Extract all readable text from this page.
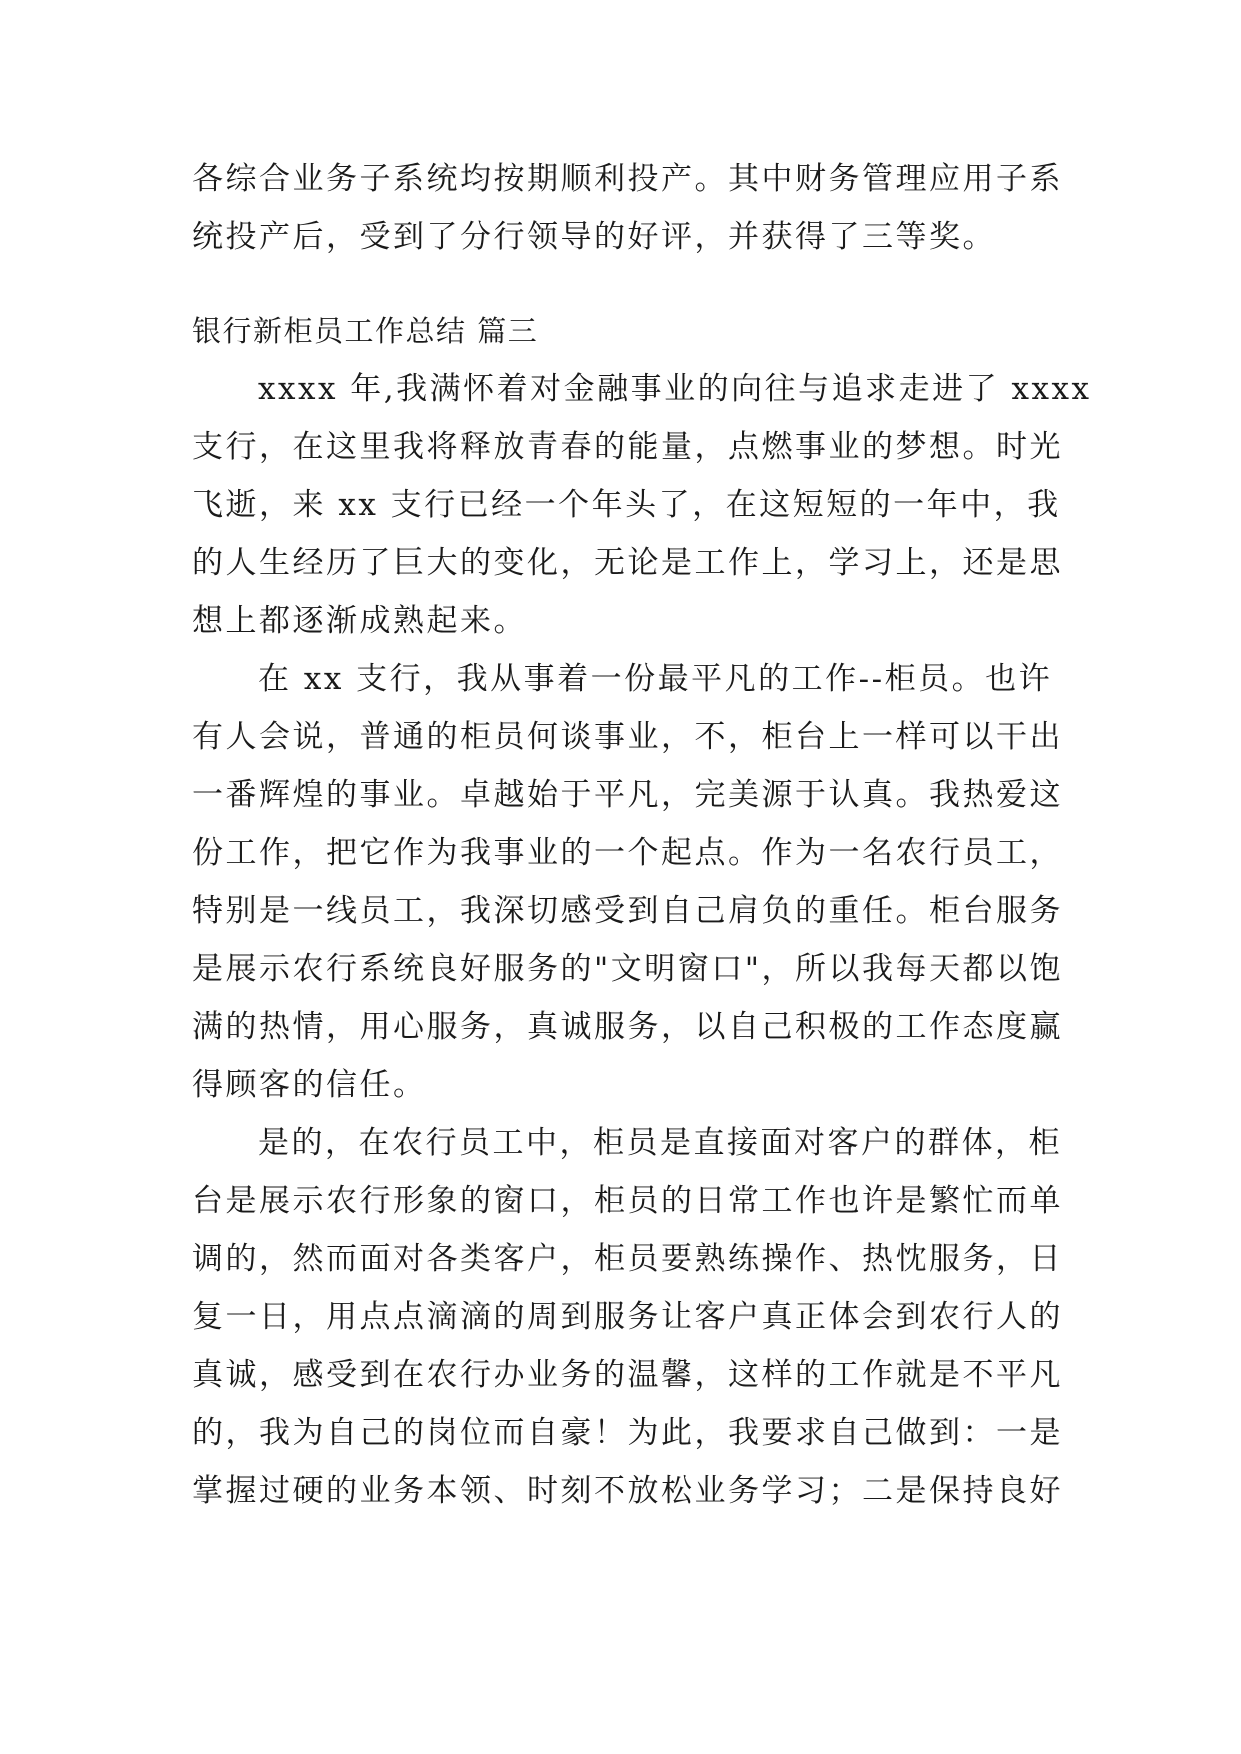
各综合业务子系统均按期顺利投产。其中财务管理应用子系
统投产后，受到了分行领导的好评，并获得了三等奖。
银行新柜员工作总结 篇三
xxxx 年,我满怀着对金融事业的向往与追求走进了 xxxx
支行，在这里我将释放青春的能量，点燃事业的梦想。时光
飞逝，来 xx 支行已经一个年头了，在这短短的一年中，我
的人生经历了巨大的变化，无论是工作上，学习上，还是思
想上都逐渐成熟起来。
在 xx 支行，我从事着一份最平凡的工作--柜员。也许
有人会说，普通的柜员何谈事业，不，柜台上一样可以干出
一番辉煌的事业。卓越始于平凡，完美源于认真。我热爱这
份工作，把它作为我事业的一个起点。作为一名农行员工，
特别是一线员工，我深切感受到自己肩负的重任。柜台服务
是展示农行系统良好服务的"文明窗口"，所以我每天都以饱
满的热情，用心服务，真诚服务，以自己积极的工作态度赢
得顾客的信任。
是的，在农行员工中，柜员是直接面对客户的群体，柜
台是展示农行形象的窗口，柜员的日常工作也许是繁忙而单
调的，然而面对各类客户，柜员要熟练操作、热忱服务，日
复一日，用点点滴滴的周到服务让客户真正体会到农行人的
真诚，感受到在农行办业务的温馨，这样的工作就是不平凡
的，我为自己的岗位而自豪！为此，我要求自己做到：一是
掌握过硬的业务本领、时刻不放松业务学习；二是保持良好
